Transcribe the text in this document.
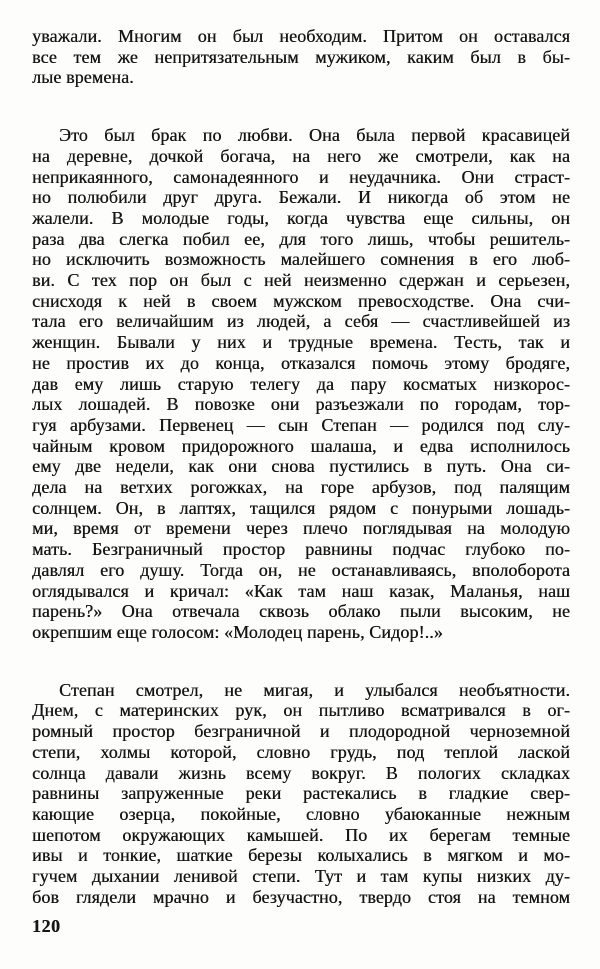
уважали. Многим он был необходим. Притом он оставался
все тем же непритязательным мужиком, каким был в бы-
лые времена.
Это был брак по любви. Она была первой красавицей
на деревне, дочкой богача, на него же смотрели, как на
неприкаянного, самонадеянного и неудачника. Они страст-
но полюбили друг друга. Бежали. И никогда об этом не
жалели. В молодые годы, когда чувства еще сильны, он
раза два слегка побил ее, для того лишь, чтобы решитель-
но исключить возможность малейшего сомнения в его люб-
ви. С тех пор он был с ней неизменно сдержан и серьезен,
снисходя к ней в своем мужском превосходстве. Она счи-
тала его величайшим из людей, а себя — счастливейшей из
женщин. Бывали у них и трудные времена. Тесть, так и
не простив их до конца, отказался помочь этому бродяге,
дав ему лишь старую телегу да пару косматых низкорос-
лых лошадей. В повозке они разъезжали по городам, тор-
гуя арбузами. Первенец — сын Степан — родился под слу-
чайным кровом придорожного шалаша, и едва исполнилось
ему две недели, как они снова пустились в путь. Она си-
дела на ветхих рогожках, на горе арбузов, под палящим
солнцем. Он, в лаптях, тащился рядом с понурыми лошадь-
ми, время от времени через плечо поглядывая на молодую
мать. Безграничный простор равнины подчас глубоко по-
давлял его душу. Тогда он, не останавливаясь, вполоборота
оглядывался и кричал: «Как там наш казак, Маланья, наш
парень?» Она отвечала сквозь облако пыли высоким, не
окрепшим еще голосом: «Молодец парень, Сидор!..»
Степан смотрел, не мигая, и улыбался необъятности.
Днем, с материнских рук, он пытливо всматривался в ог-
ромный простор безграничной и плодородной черноземной
степи, холмы которой, словно грудь, под теплой лаской
солнца давали жизнь всему вокруг. В пологих складках
равнины запруженные реки растекались в гладкие свер-
кающие озерца, покойные, словно убаюканные нежным
шепотом окружающих камышей. По их берегам темные
ивы и тонкие, шаткие березы колыхались в мягком и мо-
гучем дыхании ленивой степи. Тут и там купы низких ду-
бов глядели мрачно и безучастно, твердо стоя на темном
120
